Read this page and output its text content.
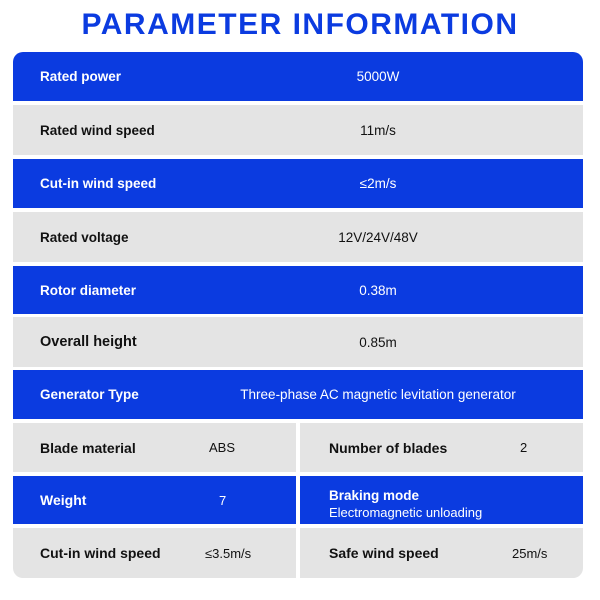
PARAMETER INFORMATION
Rated power	5000W
Rated wind speed	11m/s
Cut-in wind speed	≤2m/s
Rated voltage	12V/24V/48V
Rotor diameter	0.38m
Overall height	0.85m
Generator Type	Three-phase AC magnetic levitation generator
Blade material	ABS	Number of blades	2
Weight	7	Braking mode
Electromagnetic unloading
Cut-in wind speed	≤3.5m/s	Safe wind speed	25m/s
